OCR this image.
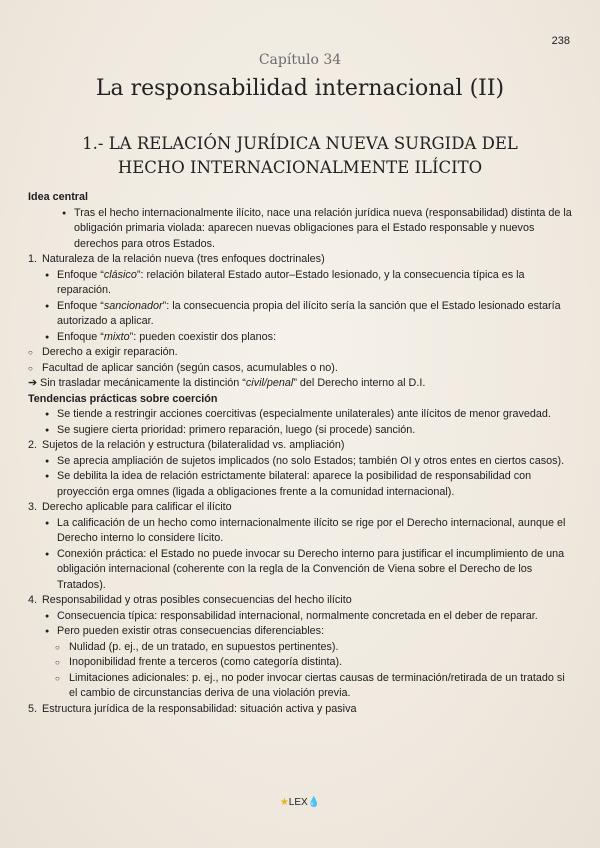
238
Capítulo 34
La responsabilidad internacional (II)
1.- LA RELACIÓN JURÍDICA NUEVA SURGIDA DEL
HECHO INTERNACIONALMENTE ILÍCITO

Idea central

● Tras el hecho internacionalmente ilícito, nace una relación jurídica nueva (responsabilidad) distinta de la obligación primaria violada: aparecen nuevas obligaciones para el Estado responsable y nuevos derechos para otros Estados.

1. Naturaleza de la relación nueva (tres enfoques doctrinales)

● Enfoque “clásico”: relación bilateral Estado autor–Estado lesionado, y la consecuencia típica es la reparación.

● Enfoque “sancionador”: la consecuencia propia del ilícito sería la sanción que el Estado lesionado estaría autorizado a aplicar.

● Enfoque “mixto”: pueden coexistir dos planos:

○ Derecho a exigir reparación.

○ Facultad de aplicar sanción (según casos, acumulables o no).

➔ Sin trasladar mecánicamente la distinción “civil/penal” del Derecho interno al D.I.

Tendencias prácticas sobre coerción

● Se tiende a restringir acciones coercitivas (especialmente unilaterales) ante ilícitos de menor gravedad.

● Se sugiere cierta prioridad: primero reparación, luego (si procede) sanción.

2. Sujetos de la relación y estructura (bilateralidad vs. ampliación)

● Se aprecia ampliación de sujetos implicados (no solo Estados; también OI y otros entes en ciertos casos).

● Se debilita la idea de relación estrictamente bilateral: aparece la posibilidad de responsabilidad con proyección erga omnes (ligada a obligaciones frente a la comunidad internacional).

3. Derecho aplicable para calificar el ilícito

● La calificación de un hecho como internacionalmente ilícito se rige por el Derecho internacional, aunque el Derecho interno lo considere lícito.

● Conexión práctica: el Estado no puede invocar su Derecho interno para justificar el incumplimiento de una obligación internacional (coherente con la regla de la Convención de Viena sobre el Derecho de los Tratados).

4. Responsabilidad y otras posibles consecuencias del hecho ilícito

● Consecuencia típica: responsabilidad internacional, normalmente concretada en el deber de reparar.

● Pero pueden existir otras consecuencias diferenciables:

○ Nulidad (p. ej., de un tratado, en supuestos pertinentes).

○ Inoponibilidad frente a terceros (como categoría distinta).

○ Limitaciones adicionales: p. ej., no poder invocar ciertas causas de terminación/retirada de un tratado si el cambio de circunstancias deriva de una violación previa.

5. Estructura jurídica de la responsabilidad: situación activa y pasiva

★LEX💧
